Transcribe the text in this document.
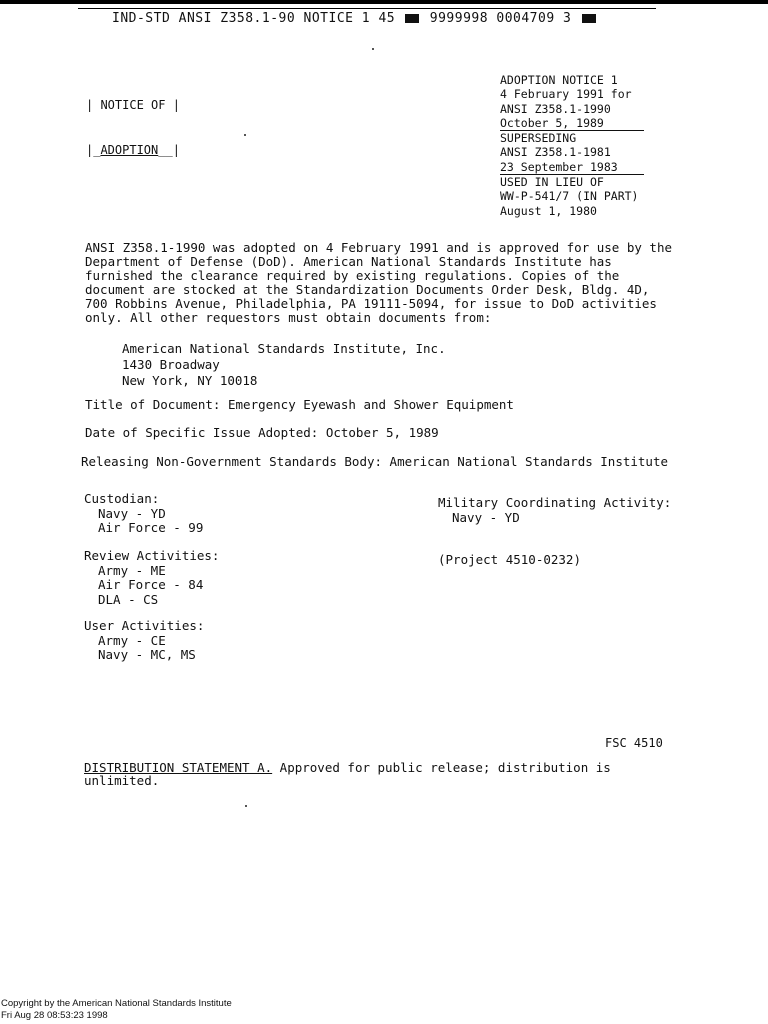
IND-STD ANSI Z358.1-90 NOTICE 1 45	9999998 0004709 3

| NOTICE OF |

|_ADOPTION__|

ADOPTION NOTICE 1
4 February 1991 for
ANSI Z358.1-1990
October 5, 1989
SUPERSEDING
ANSI Z358.1-1981
23 September 1983
USED IN LIEU OF
WW-P-541/7 (IN PART)
August 1, 1980
ANSI Z358.1-1990 was adopted on 4 February 1991 and is approved for use by the
Department of Defense (DoD). American National Standards Institute has
furnished the clearance required by existing regulations. Copies of the
document are stocked at the Standardization Documents Order Desk, Bldg. 4D,
700 Robbins Avenue, Philadelphia, PA 19111-5094, for issue to DoD activities
only. All other requestors must obtain documents from:
American National Standards Institute, Inc.
1430 Broadway
New York, NY 10018
Title of Document: Emergency Eyewash and Shower Equipment
Date of Specific Issue Adopted: October 5, 1989
Releasing Non-Government Standards Body: American National Standards Institute
Custodian:
Navy - YD
Air Force - 99
Review Activities:
Army - ME
Air Force - 84
DLA - CS
User Activities:
Army - CE
Navy - MC, MS
Military Coordinating Activity:
Navy - YD
(Project 4510-0232)
FSC 4510
DISTRIBUTION STATEMENT A. Approved for public release; distribution is
unlimited.
Copyright by the American National Standards Institute
Fri Aug 28 08:53:23 1998
